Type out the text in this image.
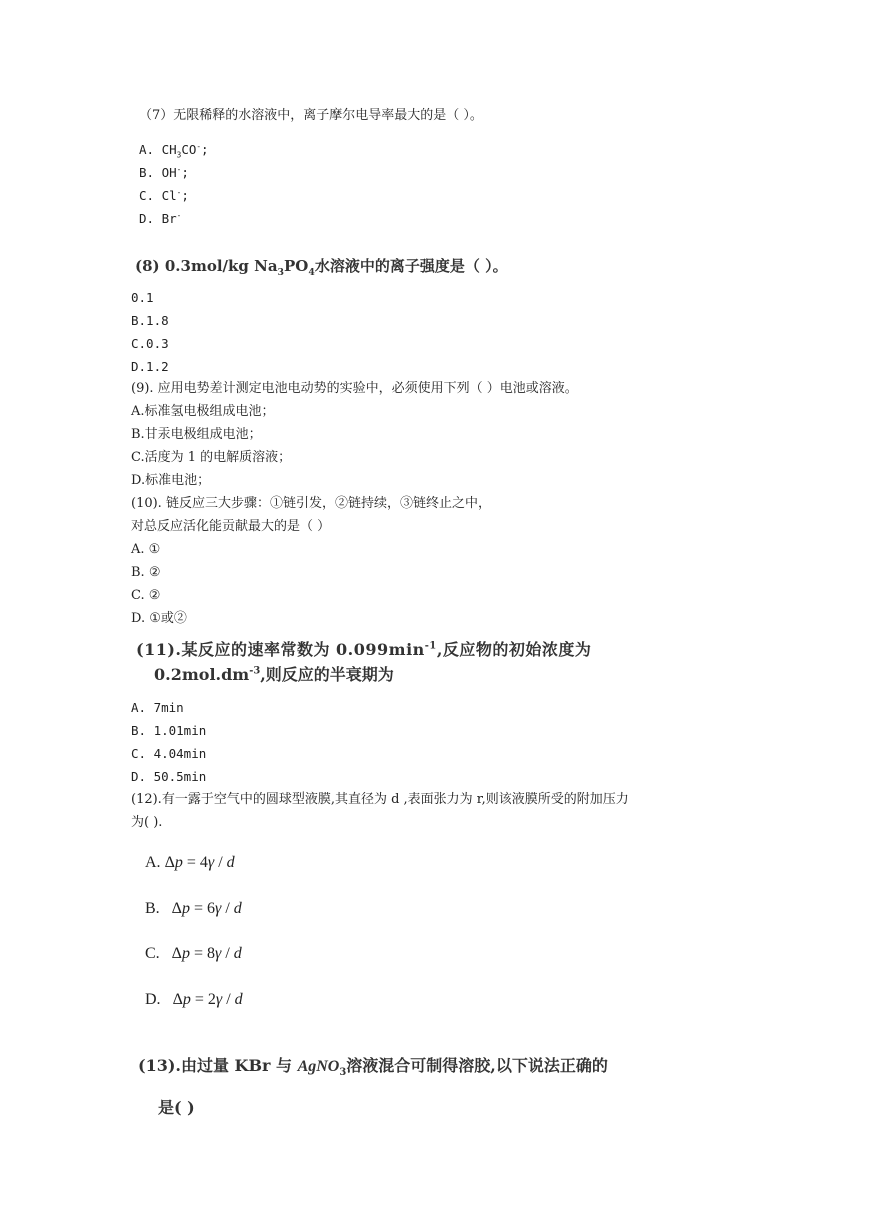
（7）无限稀释的水溶液中，离子摩尔电导率最大的是（ ）。
A. $CH_3CO^-$;
B. OH-;
C. Cl-;
D. Br-
(8) 0.3mol/kg $Na_3PO_4$水溶液中的离子强度是（ ）。
0.1
B.1.8
C.0.3
D.1.2
(9). 应用电势差计测定电池电动势的实验中，必须使用下列（ ）电池或溶液。
A.标准氢电极组成电池；
B.甘汞电极组成电池；
C.活度为 1 的电解质溶液；
D.标准电池；
(10). 链反应三大步骤：①链引发，②链持续，③链终止之中，
对总反应活化能贡献最大的是（ ）
A. ①
B. ②
C. ②
D. ①或②
(11).某反应的速率常数为 $0.099\min^{-1}$,反应物的初始浓度为
$0.2mol.dm^{-3}$,则反应的半衰期为
A. 7min
B. 1.01min
C. 4.04min
D. 50.5min
(12).有一露于空气中的圆球型液膜,其直径为 d ,表面张力为 r,则该液膜所受的附加压力
为( ).
A. Δp = 4γ / d
B. Δp = 6γ / d
C. Δp = 8γ / d
D. Δp = 2γ / d
(13).由过量 KBr 与 AgNO$_3$溶液混合可制得溶胶,以下说法正确的
是( )
